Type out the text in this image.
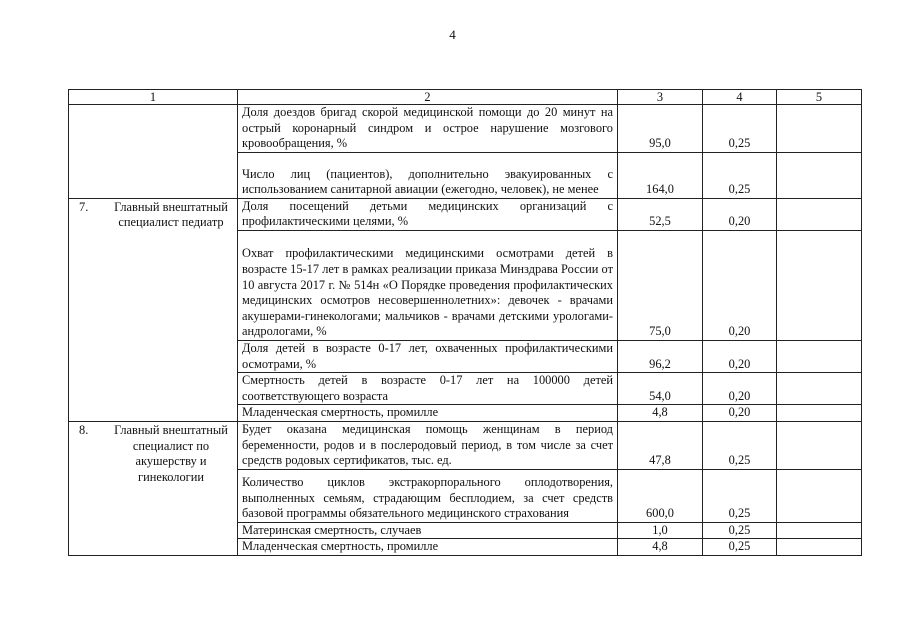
4
1	2	3	4	5

	Доля доездов бригад скорой медицинской помощи до 20 минут на острый коронарный синдром и острое нарушение мозгового кровообращения, %	95,0	0,25	
	Число лиц (пациентов), дополнительно эвакуированных с использованием санитарной авиации (ежегодно, человек), не менее	164,0	0,25	

7. Главный внештатный специалист педиатр	Доля посещений детьми медицинских организаций с профилактическими целями, %	52,5	0,20	
	Охват профилактическими медицинскими осмотрами детей в возрасте 15-17 лет в рамках реализации приказа Минздрава России от 10 августа 2017 г. № 514н «О Порядке проведения профилактических медицинских осмотров несовершеннолетних»: девочек - врачами акушерами-гинекологами; мальчиков - врачами детскими урологами-андрологами, %	75,0	0,20	
	Доля детей в возрасте 0-17 лет, охваченных профилактическими осмотрами, %	96,2	0,20	
	Смертность детей в возрасте 0-17 лет на 100000 детей соответствующего возраста	54,0	0,20	
	Младенческая смертность, промилле	4,8	0,20	

8. Главный внештатный специалист по акушерству и гинекологии	Будет оказана медицинская помощь женщинам в период беременности, родов и в послеродовый период, в том числе за счет средств родовых сертификатов, тыс. ед.	47,8	0,25	
	Количество циклов экстракорпорального оплодотворения, выполненных семьям, страдающим бесплодием, за счет средств базовой программы обязательного медицинского страхования	600,0	0,25	
	Материнская смертность, случаев	1,0	0,25	
	Младенческая смертность, промилле	4,8	0,25	
